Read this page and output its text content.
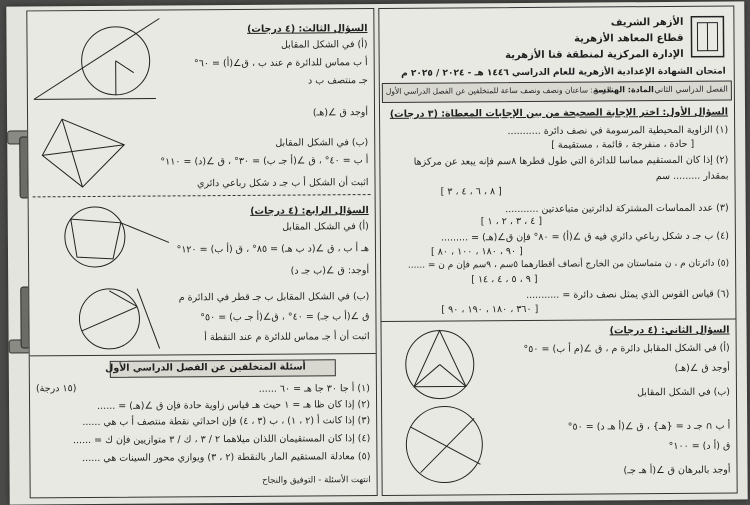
السؤال الثالث: (٤ درجات)
(أ) في الشكل المقابل
أ ب مماس للدائرة م عند ب ، ق∠(أ) = ٦٠°
جـ منتصف ب د
أوجد ق ∠(هـ)
(ب) في الشكل المقابل
أ ب = ٤٠° ، ق ∠(أ جـ ب) = ٣٠° ، ق ∠(د) = ١١٠°
اثبت أن الشكل أ ب جـ د شكل رباعي دائري
السؤال الرابع: (٤ درجات)
(أ) في الشكل المقابل
هـ أ ب ، ق ∠(د ب هـ) = ٨٥° ، ق (أ ب) = ١٢٠°
أوجد: ق ∠(ب جـ د)
(ب) في الشكل المقابل ب جـ قطر في الدائرة م
ق ∠(أ ب جـ) = ٤٠° ، ق∠(أ جـ ب) = ٥٠°
اثبت أن أ جـ مماس للدائرة م عند النقطة أ
أسئلة المتخلفين عن الفصل الدراسي الأول
(١٥ درجة)	(١) أ جا ٣٠ جا هـ = ٦٠ ......
(٢) إذا كان ظا هـ = ١ حيث هـ قياس زاوية حادة فإن ق ∠(هـ) = ......
(٣) إذا كانت أ (٢ ، ١) ، ب (٣ ، ٤) فإن احداثي نقطة منتصف أ ب هي ......
(٤) إذا كان المستقيمان اللذان ميلاهما ٢ / ٣ ، ك / ٣ متوازيين فإن ك = ......
(٥) معادلة المستقيم المار بالنقطة (٢ ، ٣) ويوازي محور السينات هي ......
انتهت الأسئلة - التوفيق والنجاح
الأزهر الشريف
قطاع المعاهد الأزهرية
الإدارة المركزية لمنطقة قنا الأزهرية
امتحان الشهادة الإعدادية الأزهرية للعام الدراسي ١٤٤٦ هـ - ٢٠٢٤ / ٢٠٢٥ م
الفصل الدراسي الثاني
المادة: الهندسة
الزمن: ساعتان ونصف ونصف ساعة للمتخلفين عن الفصل الدراسي الأول
السؤال الأول: اختر الإجابة الصحيحة من بين الإجابات المعطاة: (٣ درجات)
(١) الزاوية المحيطية المرسومة في نصف دائرة ...........
[ حادة ، منفرجة ، قائمة ، مستقيمة ]
(٢) إذا كان المستقيم مماسا للدائرة التي طول قطرها ٨سم فإنه يبعد عن مركزها
بمقدار ......... سم
[ ٨ ، ٦ ، ٤ ، ٣ ]
(٣) عدد المماسات المشتركة لدائرتين متباعدتين ...........
[ ٤ ، ٣ ، ٢ ، ١ ]
(٤) ب جـ د شكل رباعي دائري فيه ق ∠(أ) = ٨٠° فإن ق∠(هـ) = .........
[ ٩٠ ، ١٨٠ ، ١٠٠ ، ٨٠ ]
(٥) دائرتان م ، ن متماستان من الخارج أنصاف أقطارهما ٥سم ، ٩سم فإن م ن = ......
[ ٩ ، ٥ ، ٤ ، ١٤ ]
(٦) قياس القوس الذي يمثل نصف دائرة = ...........
[ ٣٦٠ ، ١٨٠ ، ١٩٠ ، ٩٠ ]
السؤال الثاني: (٤ درجات)
(أ) في الشكل المقابل دائرة م ، ق ∠(م أ ب) = ٥٠°
أوجد ق ∠(هـ)
(ب) في الشكل المقابل
أ ب ∩ جـ د = {هـ} ، ق ∠(أ هـ د) = ٥٠°
ق (أ د) = ١٠٠°
أوجد بالبرهان ق ∠(أ هـ جـ)
